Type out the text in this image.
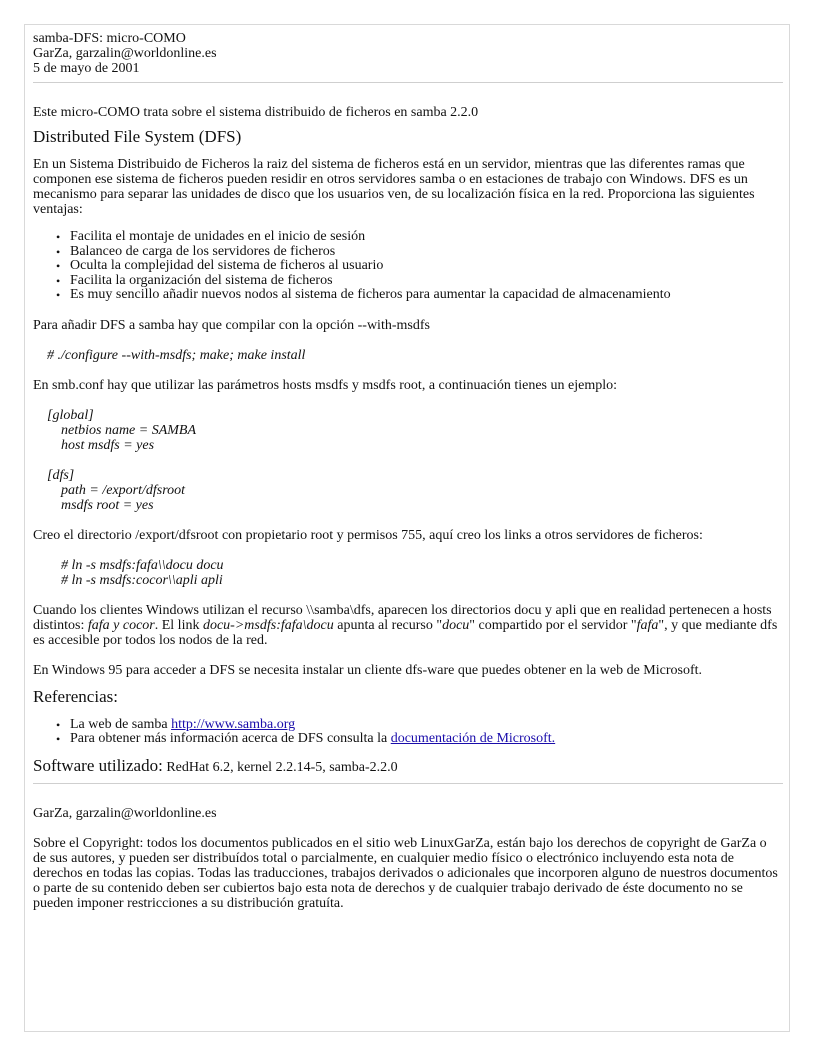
samba-DFS: micro-COMO
GarZa, garzalin@worldonline.es
5 de mayo de 2001

Este micro-COMO trata sobre el sistema distribuido de ficheros en samba 2.2.0

Distributed File System (DFS)

En un Sistema Distribuido de Ficheros la raiz del sistema de ficheros está en un servidor, mientras que las diferentes ramas que componen ese sistema de ficheros pueden residir en otros servidores samba o en estaciones de trabajo con Windows. DFS es un mecanismo para separar las unidades de disco que los usuarios ven, de su localización física en la red. Proporciona las siguientes ventajas:

• Facilita el montaje de unidades en el inicio de sesión
• Balanceo de carga de los servidores de ficheros
• Oculta la complejidad del sistema de ficheros al usuario
• Facilita la organización del sistema de ficheros
• Es muy sencillo añadir nuevos nodos al sistema de ficheros para aumentar la capacidad de almacenamiento

Para añadir DFS a samba hay que compilar con la opción --with-msdfs

# ./configure --with-msdfs; make; make install

En smb.conf hay que utilizar las parámetros hosts msdfs y msdfs root, a continuación tienes un ejemplo:

[global]

netbios name = SAMBA

host msdfs = yes

[dfs]

path = /export/dfsroot

msdfs root = yes

Creo el directorio /export/dfsroot con propietario root y permisos 755, aquí creo los links a otros servidores de ficheros:

# ln -s msdfs:fafa\\docu docu

# ln -s msdfs:cocor\\apli apli

Cuando los clientes Windows utilizan el recurso \\samba\dfs, aparecen los directorios docu y apli que en realidad pertenecen a hosts distintos: fafa y cocor. El link docu->msdfs:fafa\docu apunta al recurso "docu" compartido por el servidor "fafa", y que mediante dfs es accesible por todos los nodos de la red.

En Windows 95 para acceder a DFS se necesita instalar un cliente dfs-ware que puedes obtener en la web de Microsoft.

Referencias:
• La web de samba http://www.samba.org
• Para obtener más información acerca de DFS consulta la documentación de Microsoft.
Software utilizado: RedHat 6.2, kernel 2.2.14-5, samba-2.2.0

GarZa, garzalin@worldonline.es

Sobre el Copyright: todos los documentos publicados en el sitio web LinuxGarZa, están bajo los derechos de copyright de GarZa o de sus autores, y pueden ser distribuídos total o parcialmente, en cualquier medio físico o electrónico incluyendo esta nota de derechos en todas las copias. Todas las traducciones, trabajos derivados o adicionales que incorporen alguno de nuestros documentos o parte de su contenido deben ser cubiertos bajo esta nota de derechos y de cualquier trabajo derivado de éste documento no se pueden imponer restricciones a su distribución gratuíta.
